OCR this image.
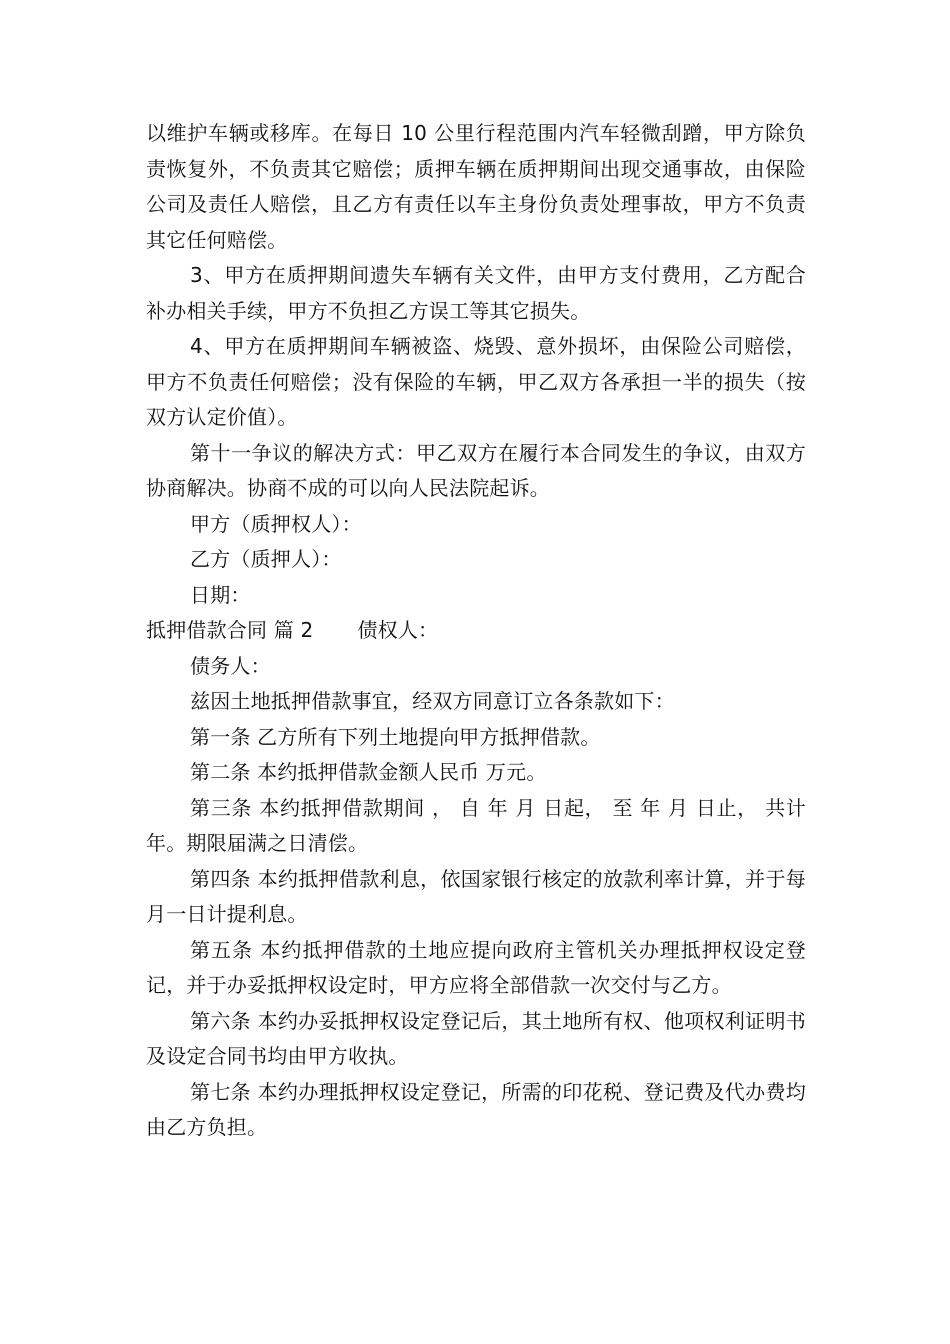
以维护车辆或移库。在每日 10 公里行程范围内汽车轻微刮蹭，甲方除负责恢复外，不负责其它赔偿；质押车辆在质押期间出现交通事故，由保险公司及责任人赔偿，且乙方有责任以车主身份负责处理事故，甲方不负责其它任何赔偿。

3、甲方在质押期间遗失车辆有关文件，由甲方支付费用，乙方配合补办相关手续，甲方不负担乙方误工等其它损失。

4、甲方在质押期间车辆被盗、烧毁、意外损坏，由保险公司赔偿，甲方不负责任何赔偿；没有保险的车辆，甲乙双方各承担一半的损失（按双方认定价值）。

第十一争议的解决方式：甲乙双方在履行本合同发生的争议，由双方协商解决。协商不成的可以向人民法院起诉。

甲方（质押权人）：

乙方（质押人）：

日期：

抵押借款合同 篇 2 债权人：

债务人：

兹因土地抵押借款事宜，经双方同意订立各条款如下：

第一条 乙方所有下列土地提向甲方抵押借款。

第二条 本约抵押借款金额人民币 万元。

第三条 本约抵押借款期间 ， 自 年 月 日起， 至 年 月 日止， 共计 年。期限届满之日清偿。

第四条 本约抵押借款利息，依国家银行核定的放款利率计算，并于每月一日计提利息。

第五条 本约抵押借款的土地应提向政府主管机关办理抵押权设定登记，并于办妥抵押权设定时，甲方应将全部借款一次交付与乙方。

第六条 本约办妥抵押权设定登记后，其土地所有权、他项权利证明书及设定合同书均由甲方收执。

第七条 本约办理抵押权设定登记，所需的印花税、登记费及代办费均由乙方负担。
